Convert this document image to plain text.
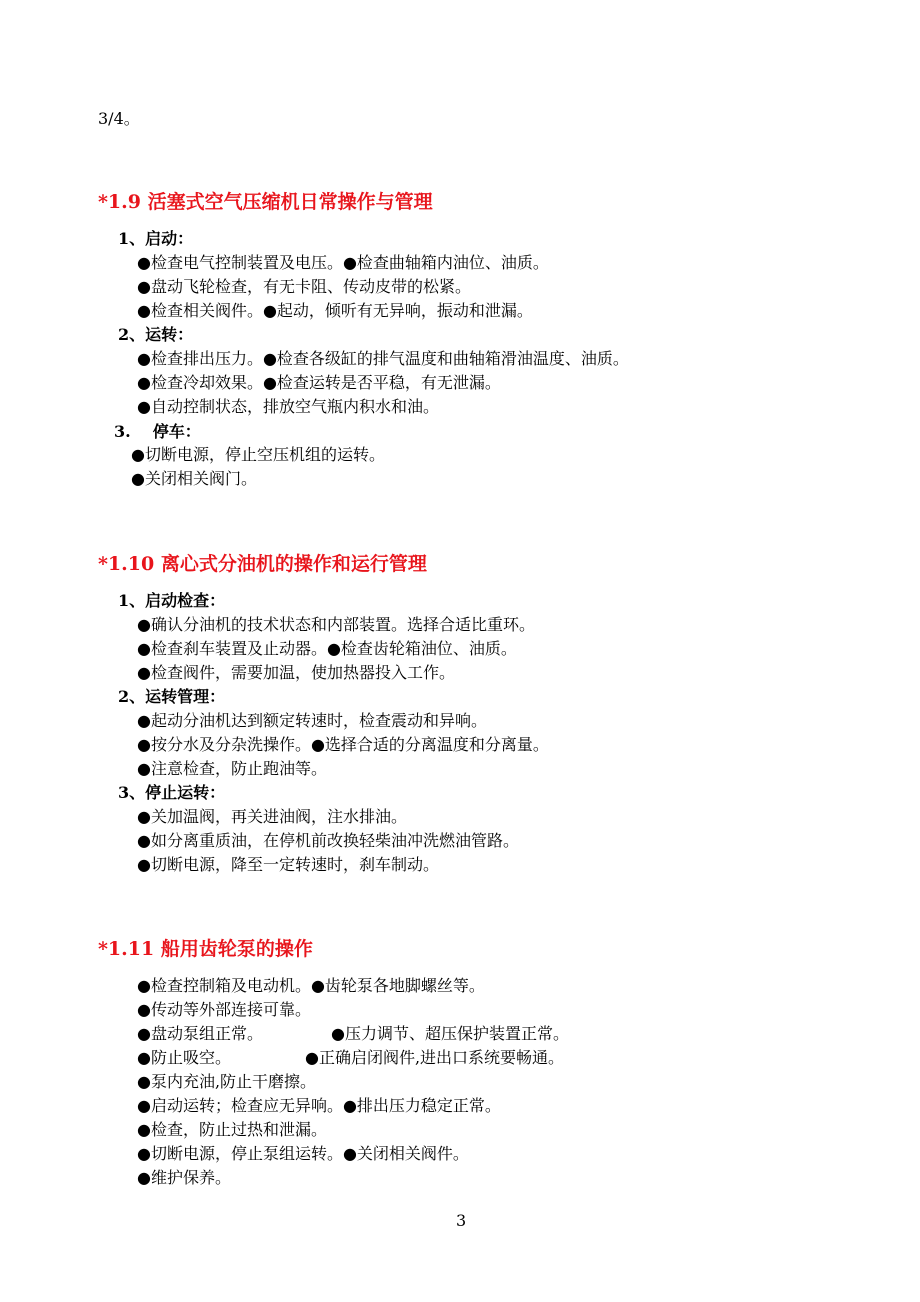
3/4。
*1.9 活塞式空气压缩机日常操作与管理
1、启动：
●检查电气控制装置及电压。●检查曲轴箱内油位、油质。
●盘动飞轮检查，有无卡阻、传动皮带的松紧。
●检查相关阀件。●起动，倾听有无异响，振动和泄漏。
2、运转：
●检查排出压力。●检查各级缸的排气温度和曲轴箱滑油温度、油质。
●检查冷却效果。●检查运转是否平稳，有无泄漏。
●自动控制状态，排放空气瓶内积水和油。
3. 停车：
●切断电源，停止空压机组的运转。
●关闭相关阀门。
*1.10 离心式分油机的操作和运行管理
1、启动检查：
●确认分油机的技术状态和内部装置。选择合适比重环。
●检查刹车装置及止动器。●检查齿轮箱油位、油质。
●检查阀件，需要加温，使加热器投入工作。
2、运转管理：
●起动分油机达到额定转速时，检查震动和异响。
●按分水及分杂洗操作。●选择合适的分离温度和分离量。
●注意检查，防止跑油等。
3、停止运转：
●关加温阀，再关进油阀，注水排油。
●如分离重质油，在停机前改换轻柴油冲洗燃油管路。
●切断电源，降至一定转速时，刹车制动。
*1.11 船用齿轮泵的操作
●检查控制箱及电动机。●齿轮泵各地脚螺丝等。
●传动等外部连接可靠。
●盘动泵组正常。	●压力调节、超压保护装置正常。
●防止吸空。	●正确启闭阀件,进出口系统要畅通。
●泵内充油,防止干磨擦。
●启动运转；检查应无异响。●排出压力稳定正常。
●检查，防止过热和泄漏。
●切断电源，停止泵组运转。●关闭相关阀件。
●维护保养。
3
